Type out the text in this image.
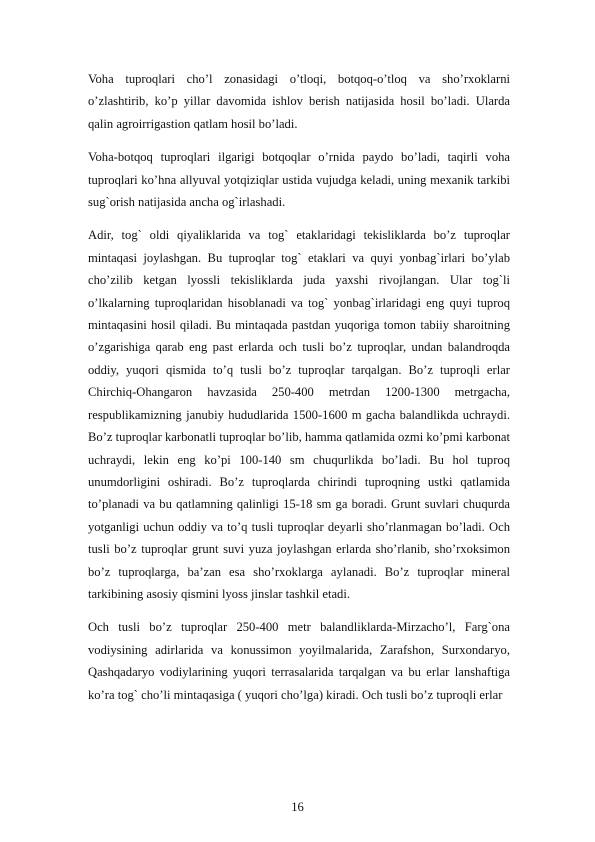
Voha tuproqlari cho’l zonasidagi o’tloqi, botqoq-o’tloq va sho’rxoklarni o’zlashtirib, ko’p yillar davomida ishlov berish natijasida hosil bo’ladi. Ularda qalin agroirrigastion qatlam hosil bo’ladi.

Voha-botqoq tuproqlari ilgarigi botqoqlar o’rnida paydo bo’ladi, taqirli voha tuproqlari ko’hna allyuval yotqiziqlar ustida vujudga keladi, uning mexanik tarkibi sug`orish natijasida ancha og`irlashadi.

Adir, tog` oldi qiyaliklarida va tog` etaklaridagi tekisliklarda bo’z tuproqlar mintaqasi joylashgan. Bu tuproqlar tog` etaklari va quyi yonbag`irlari bo’ylab cho’zilib ketgan lyossli tekisliklarda juda yaxshi rivojlangan. Ular tog`li o’lkalarning tuproqlaridan hisoblanadi va tog` yonbag`irlaridagi eng quyi tuproq mintaqasini hosil qiladi. Bu mintaqada pastdan yuqoriga tomon tabiiy sharoitning o’zgarishiga qarab eng past erlarda och tusli bo’z tuproqlar, undan balandroqda oddiy, yuqori qismida to’q tusli bo’z tuproqlar tarqalgan. Bo’z tuproqli erlar Chirchiq-Ohangaron havzasida 250-400 metrdan 1200-1300 metrgacha, respublikamizning janubiy hududlarida 1500-1600 m gacha balandlikda uchraydi. Bo’z tuproqlar karbonatli tuproqlar bo’lib, hamma qatlamida ozmi ko’pmi karbonat uchraydi, lekin eng ko’pi 100-140 sm chuqurlikda bo’ladi. Bu hol tuproq unumdorligini oshiradi. Bo’z tuproqlarda chirindi tuproqning ustki qatlamida to’planadi va bu qatlamning qalinligi 15-18 sm ga boradi. Grunt suvlari chuqurda yotganligi uchun oddiy va to’q tusli tuproqlar deyarli sho’rlanmagan bo’ladi. Och tusli bo’z tuproqlar grunt suvi yuza joylashgan erlarda sho’rlanib, sho’rxoksimon bo’z tuproqlarga, ba’zan esa sho’rxoklarga aylanadi. Bo’z tuproqlar mineral tarkibining asosiy qismini lyoss jinslar tashkil etadi.

Och tusli bo’z tuproqlar 250-400 metr balandliklarda-Mirzacho’l, Farg`ona vodiysining adirlarida va konussimon yoyilmalarida, Zarafshon, Surxondaryo, Qashqadaryo vodiylarining yuqori terrasalarida tarqalgan va bu erlar lanshaftiga ko’ra tog` cho’li mintaqasiga ( yuqori cho’lga) kiradi. Och tusli bo’z tuproqli erlar

16
